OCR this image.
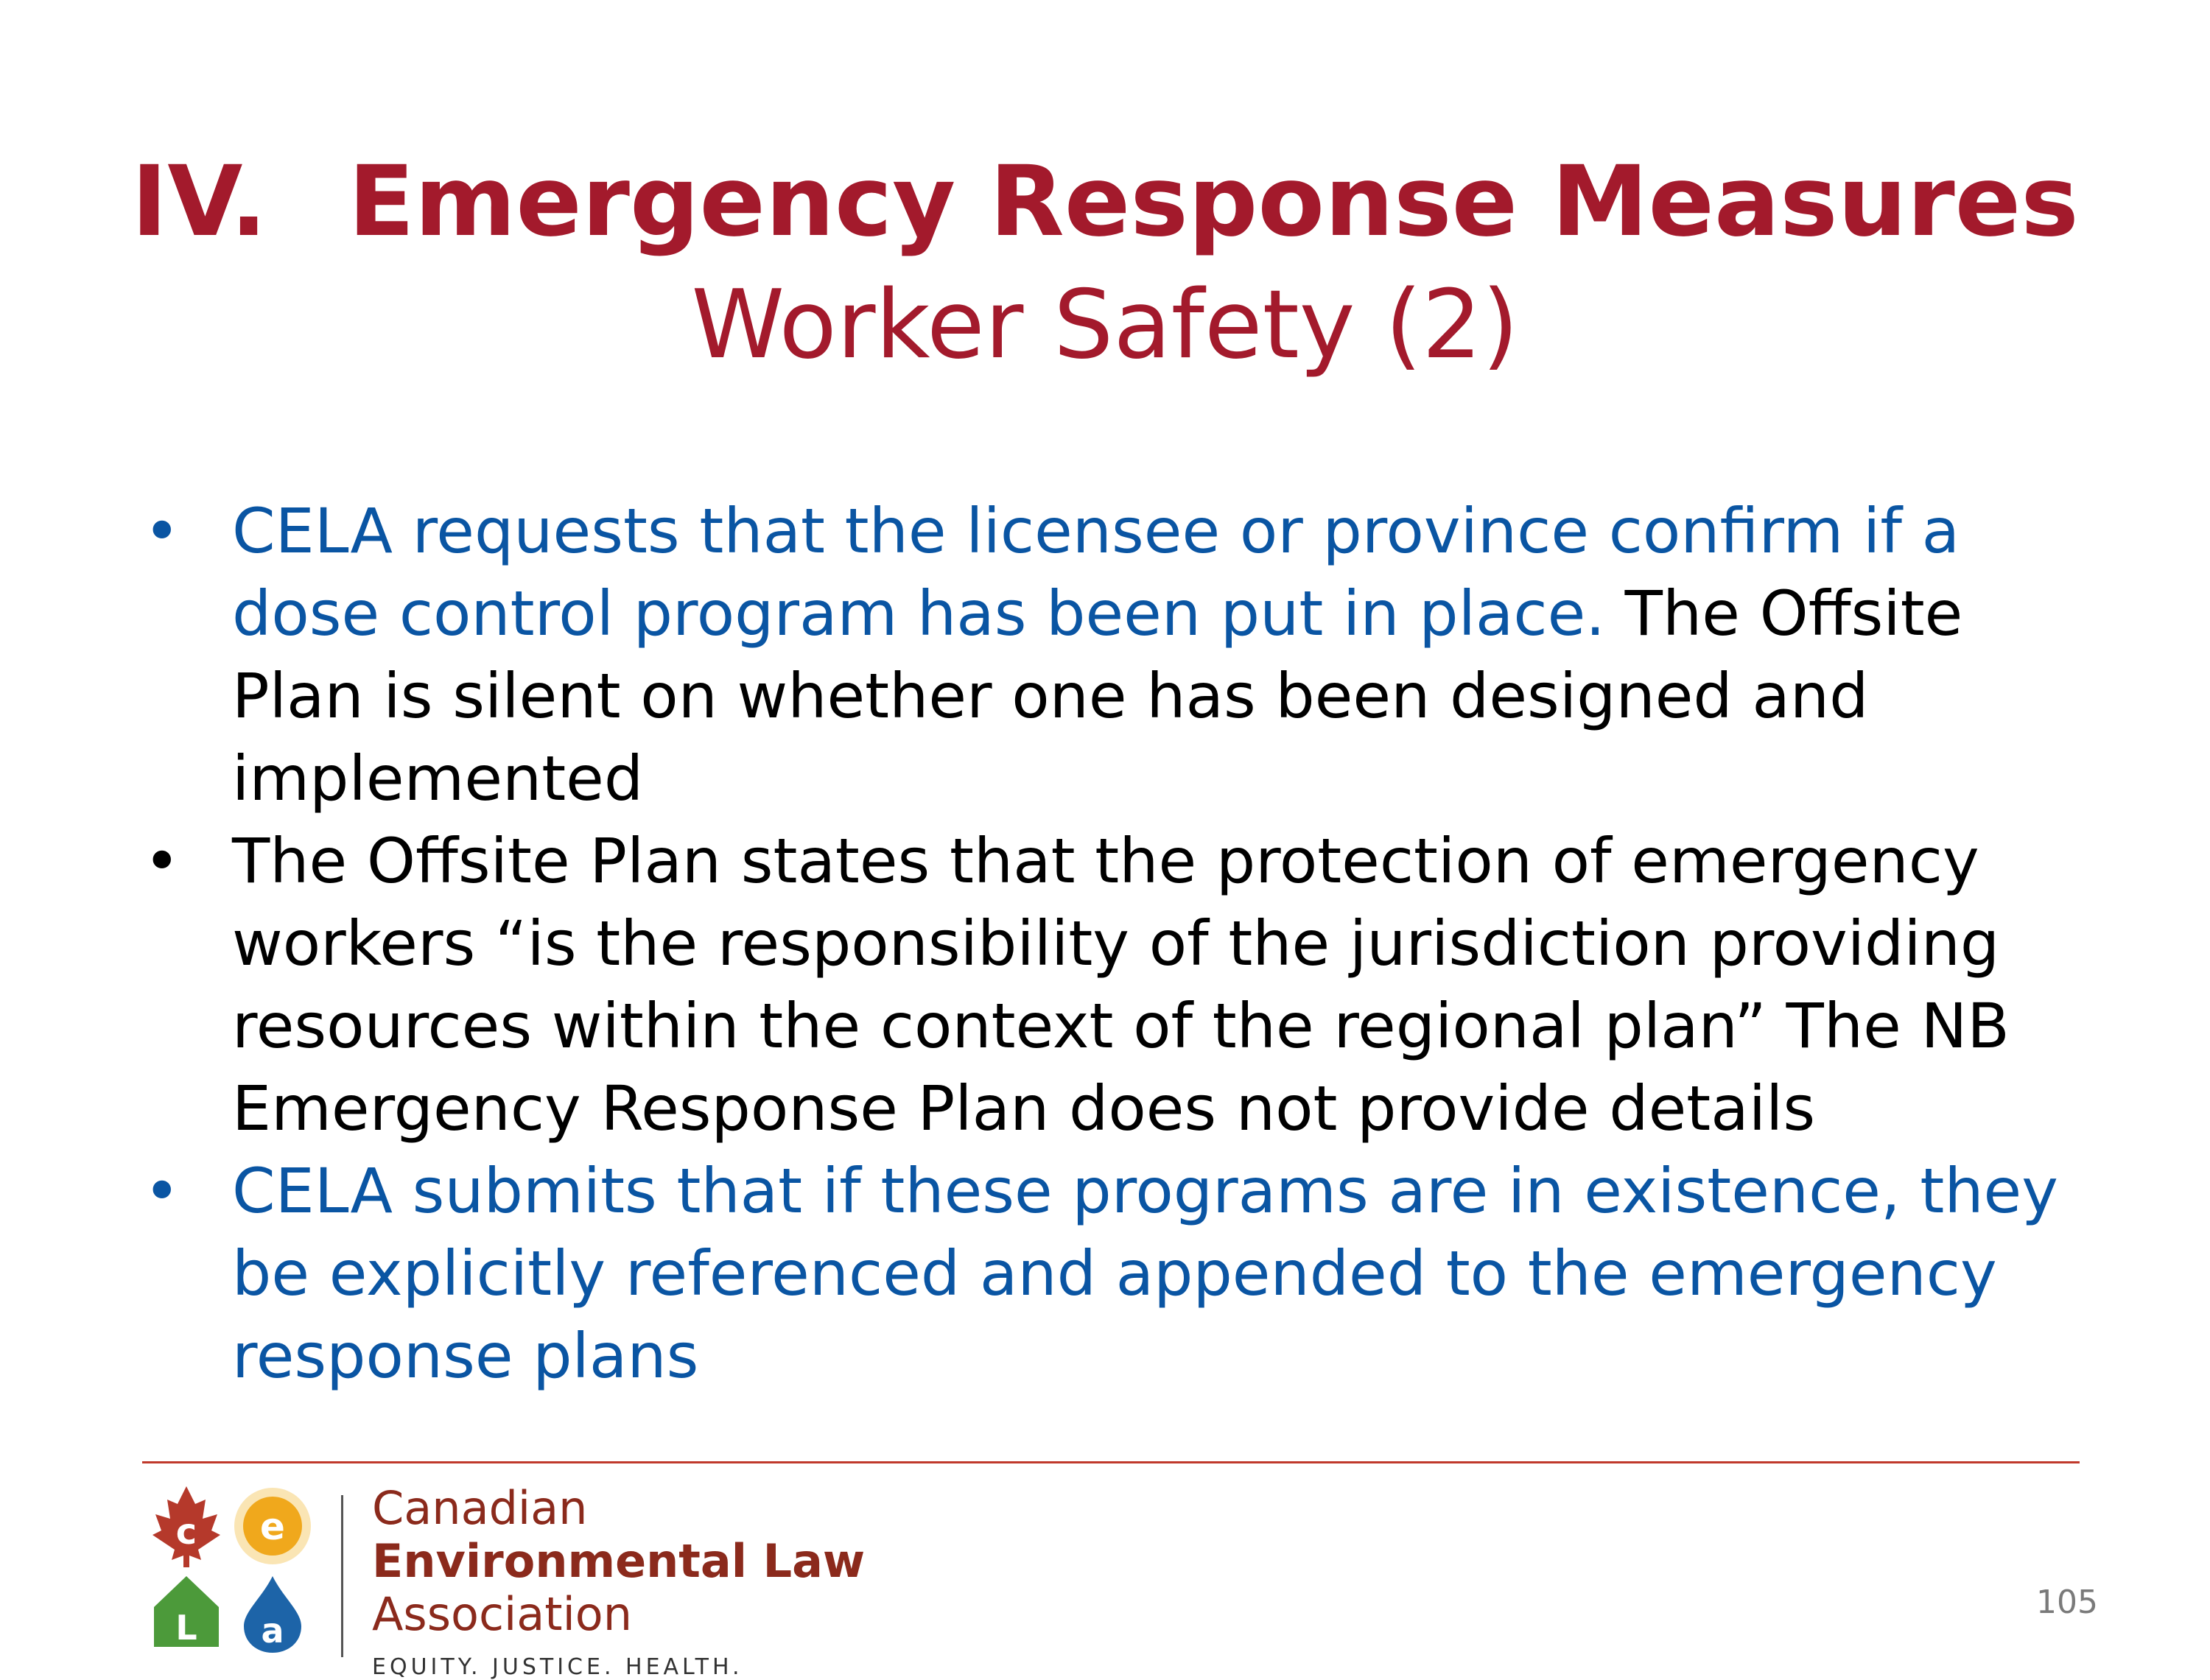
IV. Emergency Response Measures
Worker Safety (2)
• CELA requests that the licensee or province confirm if a dose control program has been put in place. The Offsite Plan is silent on whether one has been designed and implemented
• The Offsite Plan states that the protection of emergency workers “is the responsibility of the jurisdiction providing resources within the context of the regional plan” The NB Emergency Response Plan does not provide details
• CELA submits that if these programs are in existence, they be explicitly referenced and appended to the emergency response plans
c e
L a
Canadian
Environmental Law
Association
EQUITY. JUSTICE. HEALTH.
105
